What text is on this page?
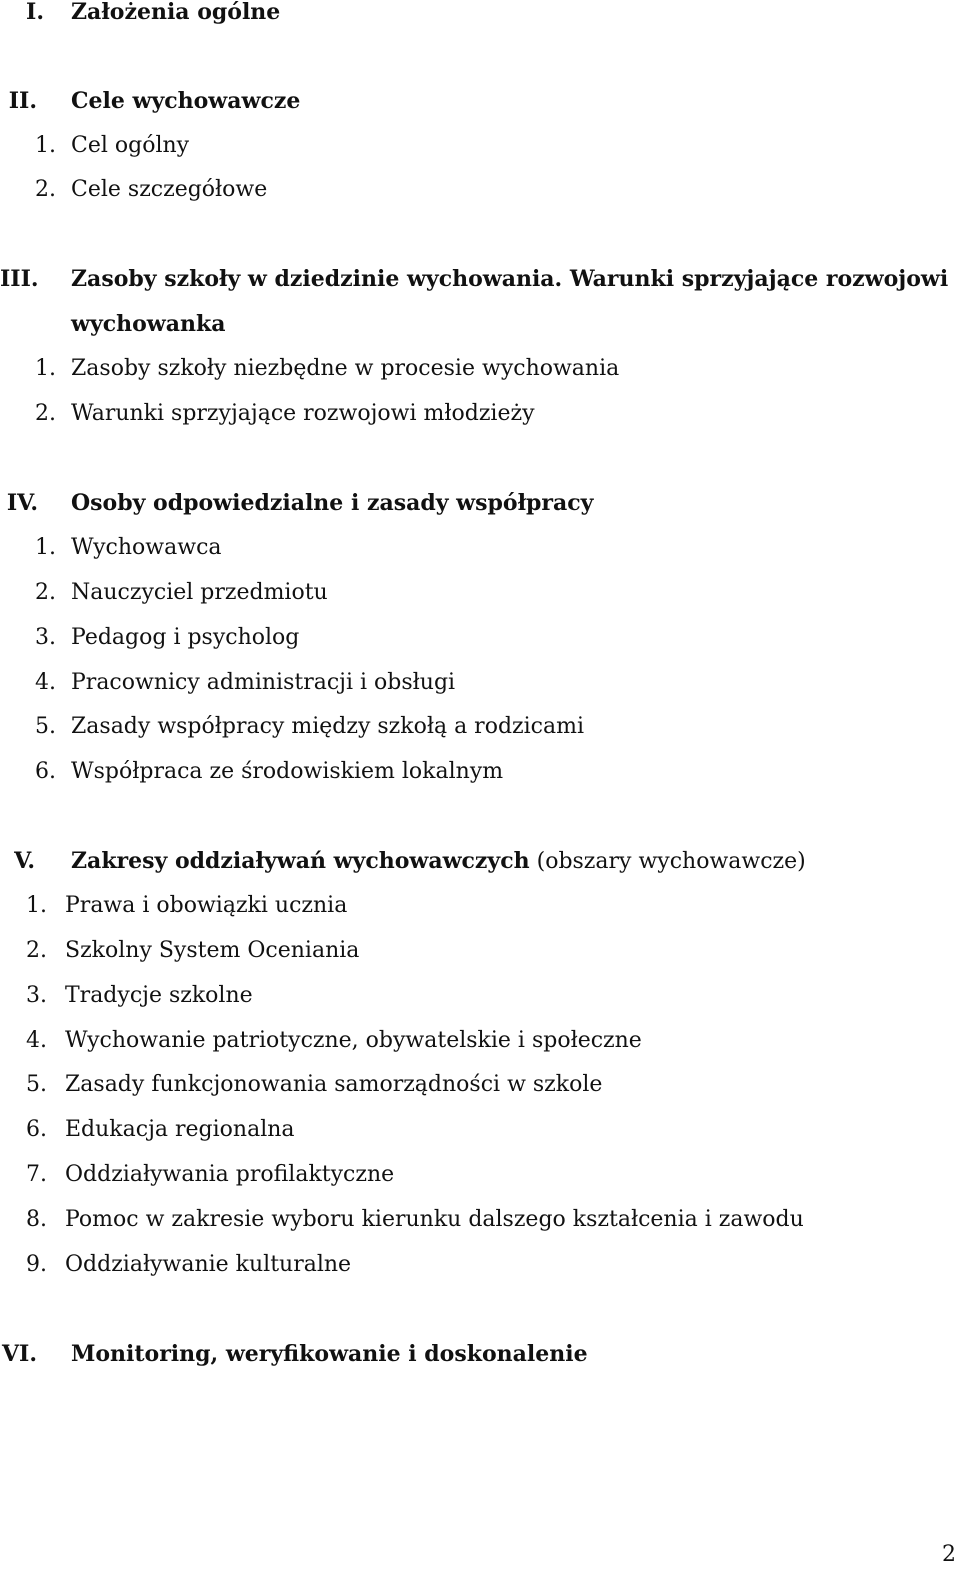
I. Założenia ogólne
II. Cele wychowawcze
1. Cel ogólny
2. Cele szczegółowe
III. Zasoby szkoły w dziedzinie wychowania. Warunki sprzyjające rozwojowi
wychowanka
1. Zasoby szkoły niezbędne w procesie wychowania
2. Warunki sprzyjające rozwojowi młodzieży
IV. Osoby odpowiedzialne i zasady współpracy
1. Wychowawca
2. Nauczyciel przedmiotu
3. Pedagog i psycholog
4. Pracownicy administracji i obsługi
5. Zasady współpracy między szkołą a rodzicami
6. Współpraca ze środowiskiem lokalnym
V. Zakresy oddziaływań wychowawczych (obszary wychowawcze)
1. Prawa i obowiązki ucznia
2. Szkolny System Oceniania
3. Tradycje szkolne
4. Wychowanie patriotyczne, obywatelskie i społeczne
5. Zasady funkcjonowania samorządności w szkole
6. Edukacja regionalna
7. Oddziaływania profilaktyczne
8. Pomoc w zakresie wyboru kierunku dalszego kształcenia i zawodu
9. Oddziaływanie kulturalne
VI. Monitoring, weryfikowanie i doskonalenie
2
